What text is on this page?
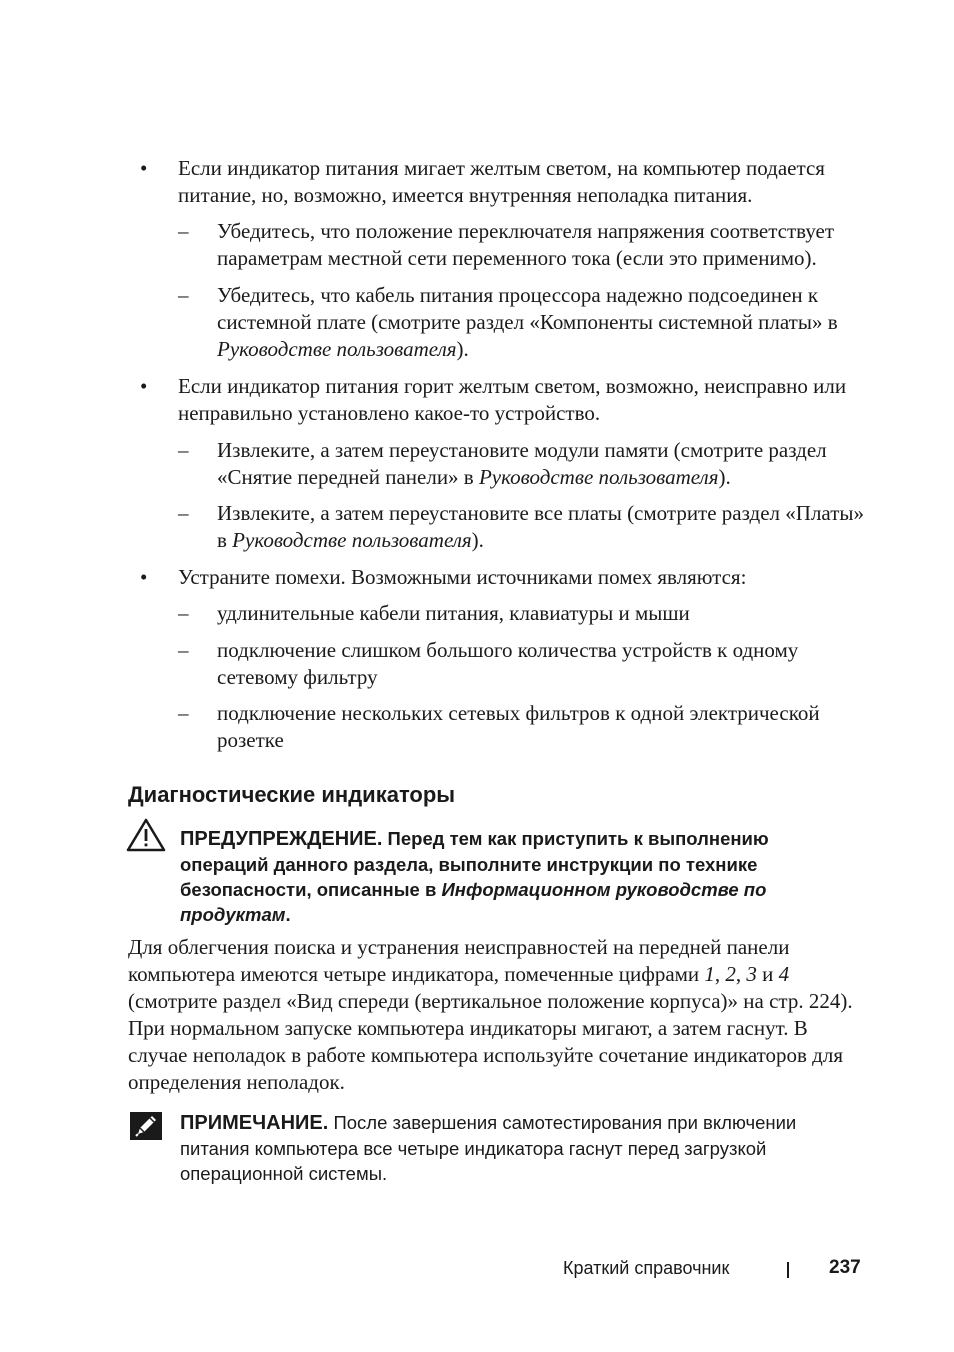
•	Если индикатор питания мигает желтым светом, на компьютер подается питание, но, возможно, имеется внутренняя неполадка питания.
–	Убедитесь, что положение переключателя напряжения соответствует параметрам местной сети переменного тока (если это применимо).
–	Убедитесь, что кабель питания процессора надежно подсоединен к системной плате (смотрите раздел «Компоненты системной платы» в Руководстве пользователя).
•	Если индикатор питания горит желтым светом, возможно, неисправно или неправильно установлено какое-то устройство.
–	Извлеките, а затем переустановите модули памяти (смотрите раздел «Снятие передней панели» в Руководстве пользователя).
–	Извлеките, а затем переустановите все платы (смотрите раздел «Платы» в Руководстве пользователя).
•	Устраните помехи. Возможными источниками помех являются:
–	удлинительные кабели питания, клавиатуры и мыши
–	подключение слишком большого количества устройств к одному сетевому фильтру
–	подключение нескольких сетевых фильтров к одной электрической розетке
Диагностические индикаторы
ПРЕДУПРЕЖДЕНИЕ. Перед тем как приступить к выполнению операций данного раздела, выполните инструкции по технике безопасности, описанные в Информационном руководстве по продуктам.
Для облегчения поиска и устранения неисправностей на передней панели компьютера имеются четыре индикатора, помеченные цифрами 1, 2, 3 и 4 (смотрите раздел «Вид спереди (вертикальное положение корпуса)» на стр. 224). При нормальном запуске компьютера индикаторы мигают, а затем гаснут. В случае неполадок в работе компьютера используйте сочетание индикаторов для определения неполадок.
ПРИМЕЧАНИЕ. После завершения самотестирования при включении питания компьютера все четыре индикатора гаснут перед загрузкой операционной системы.
Краткий справочник	237
